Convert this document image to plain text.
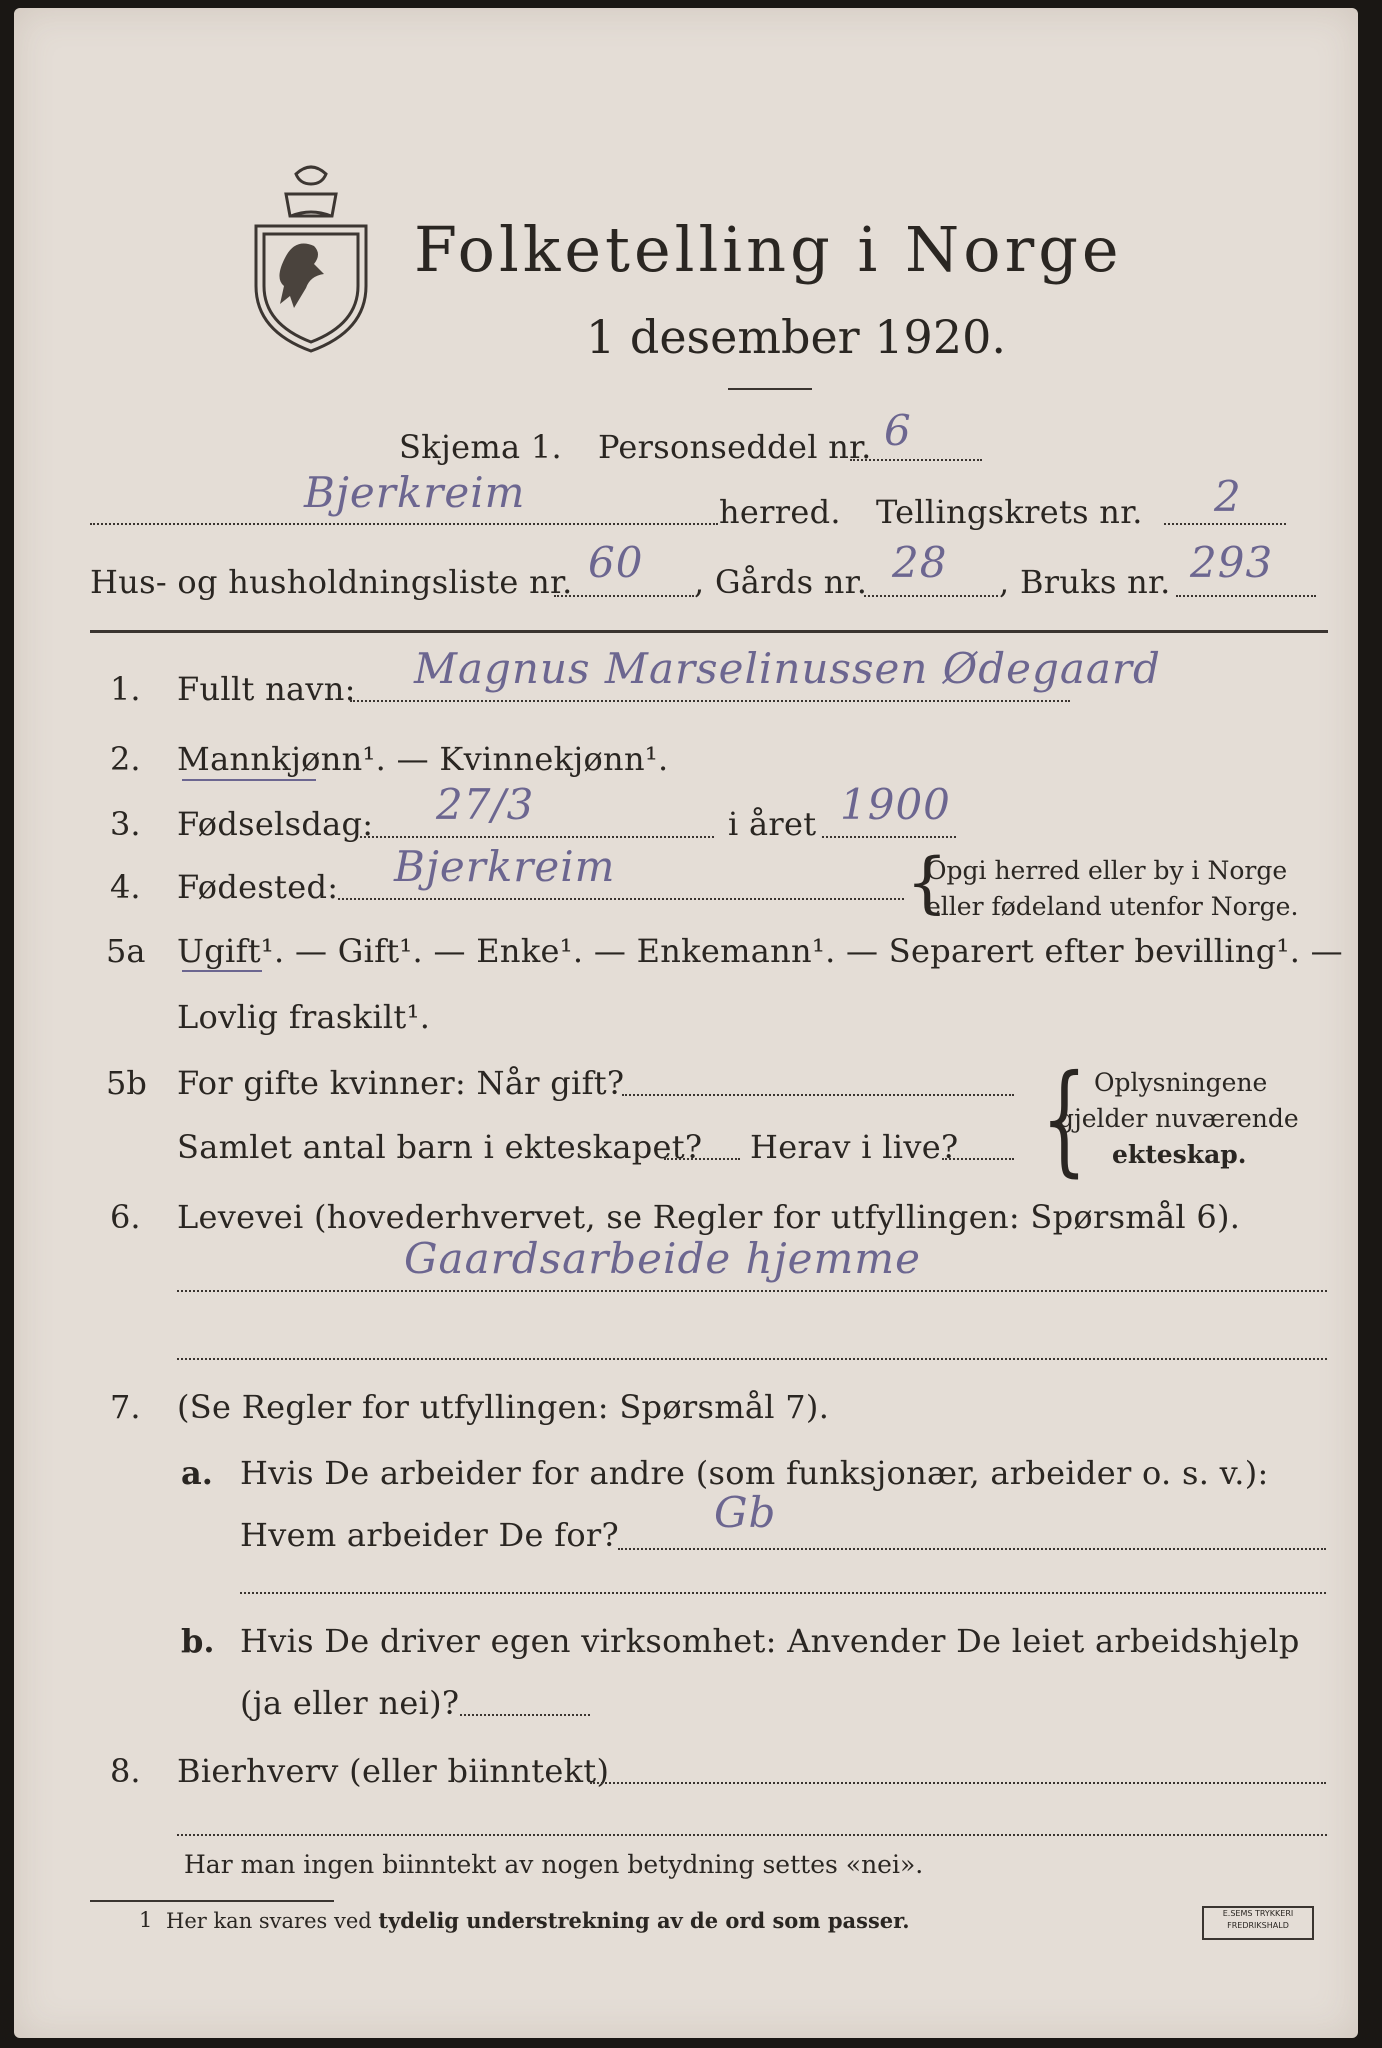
Folketelling i Norge
1 desember 1920.
Skjema 1. Personseddel nr. 6
Bjerkreim	herred. Tellingskrets nr. 2
Hus- og husholdningsliste nr. 60 , Gårds nr. 28 , Bruks nr. 293
1. Fullt navn: Magnus Marselinussen Ødegaard
2. Mannkjønn¹. — Kvinnekjønn¹.
3. Fødselsdag: 27/3	i året 1900
4. Fødested: Bjerkreim	{
Opgi herred eller by i Norge
eller fødeland utenfor Norge.
5a Ugift¹. — Gift¹. — Enke¹. — Enkemann¹. — Separert efter bevilling¹. —
Lovlig fraskilt¹.
5b For gifte kvinner: Når gift?
Samlet antal barn i ekteskapet? Herav i live? { Oplysningene
gjelder nuværende
ekteskap.
6. Levevei (hovederhvervet, se Regler for utfyllingen: Spørsmål 6).
Gaardsarbeide hjemme
7. (Se Regler for utfyllingen: Spørsmål 7).
a. Hvis De arbeider for andre (som funksjonær, arbeider o. s. v.):
Hvem arbeider De for? Gb
b. Hvis De driver egen virksomhet: Anvender De leiet arbeidshjelp
(ja eller nei)?
8. Bierhverv (eller biinntekt)
Har man ingen biinntekt av nogen betydning settes «nei».
1 Her kan svares ved tydelig understrekning av de ord som passer.	E.SEMS TRYKKERI
FREDRIKSHALD
